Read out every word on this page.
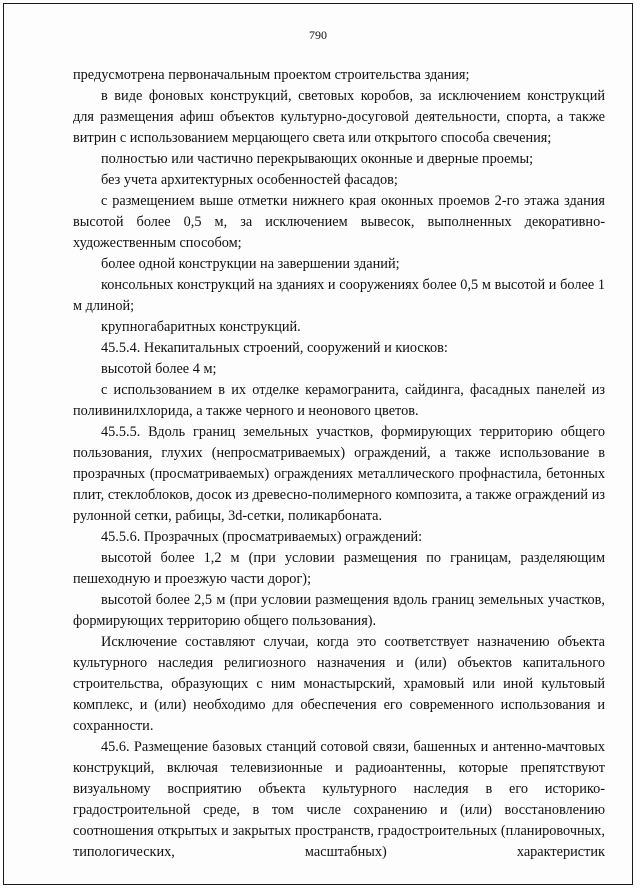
790

предусмотрена первоначальным проектом строительства здания;

в виде фоновых конструкций, световых коробов, за исключением конструкций для размещения афиш объектов культурно-досуговой деятельности, спорта, а также витрин с использованием мерцающего света или открытого способа свечения;

полностью или частично перекрывающих оконные и дверные проемы;

без учета архитектурных особенностей фасадов;

с размещением выше отметки нижнего края оконных проемов 2-го этажа здания высотой более 0,5 м, за исключением вывесок, выполненных декоративно-художественным способом;

более одной конструкции на завершении зданий;

консольных конструкций на зданиях и сооружениях более 0,5 м высотой и более 1 м длиной;

крупногабаритных конструкций.

45.5.4. Некапитальных строений, сооружений и киосков:

высотой более 4 м;

с использованием в их отделке керамогранита, сайдинга, фасадных панелей из поливинилхлорида, а также черного и неонового цветов.

45.5.5. Вдоль границ земельных участков, формирующих территорию общего пользования, глухих (непросматриваемых) ограждений, а также использование в прозрачных (просматриваемых) ограждениях металлического профнастила, бетонных плит, стеклоблоков, досок из древесно-полимерного композита, а также ограждений из рулонной сетки, рабицы, 3d-сетки, поликарбоната.

45.5.6. Прозрачных (просматриваемых) ограждений:

высотой более 1,2 м (при условии размещения по границам, разделяющим пешеходную и проезжую части дорог);

высотой более 2,5 м (при условии размещения вдоль границ земельных участков, формирующих территорию общего пользования).

Исключение составляют случаи, когда это соответствует назначению объекта культурного наследия религиозного назначения и (или) объектов капитального строительства, образующих с ним монастырский, храмовый или иной культовый комплекс, и (или) необходимо для обеспечения его современного использования и сохранности.

45.6. Размещение базовых станций сотовой связи, башенных и антенно-мачтовых конструкций, включая телевизионные и радиоантенны, которые препятствуют визуальному восприятию объекта культурного наследия в его историко-градостроительной среде, в том числе сохранению и (или) восстановлению соотношения открытых и закрытых пространств, градостроительных (планировочных, типологических, масштабных) характеристик
